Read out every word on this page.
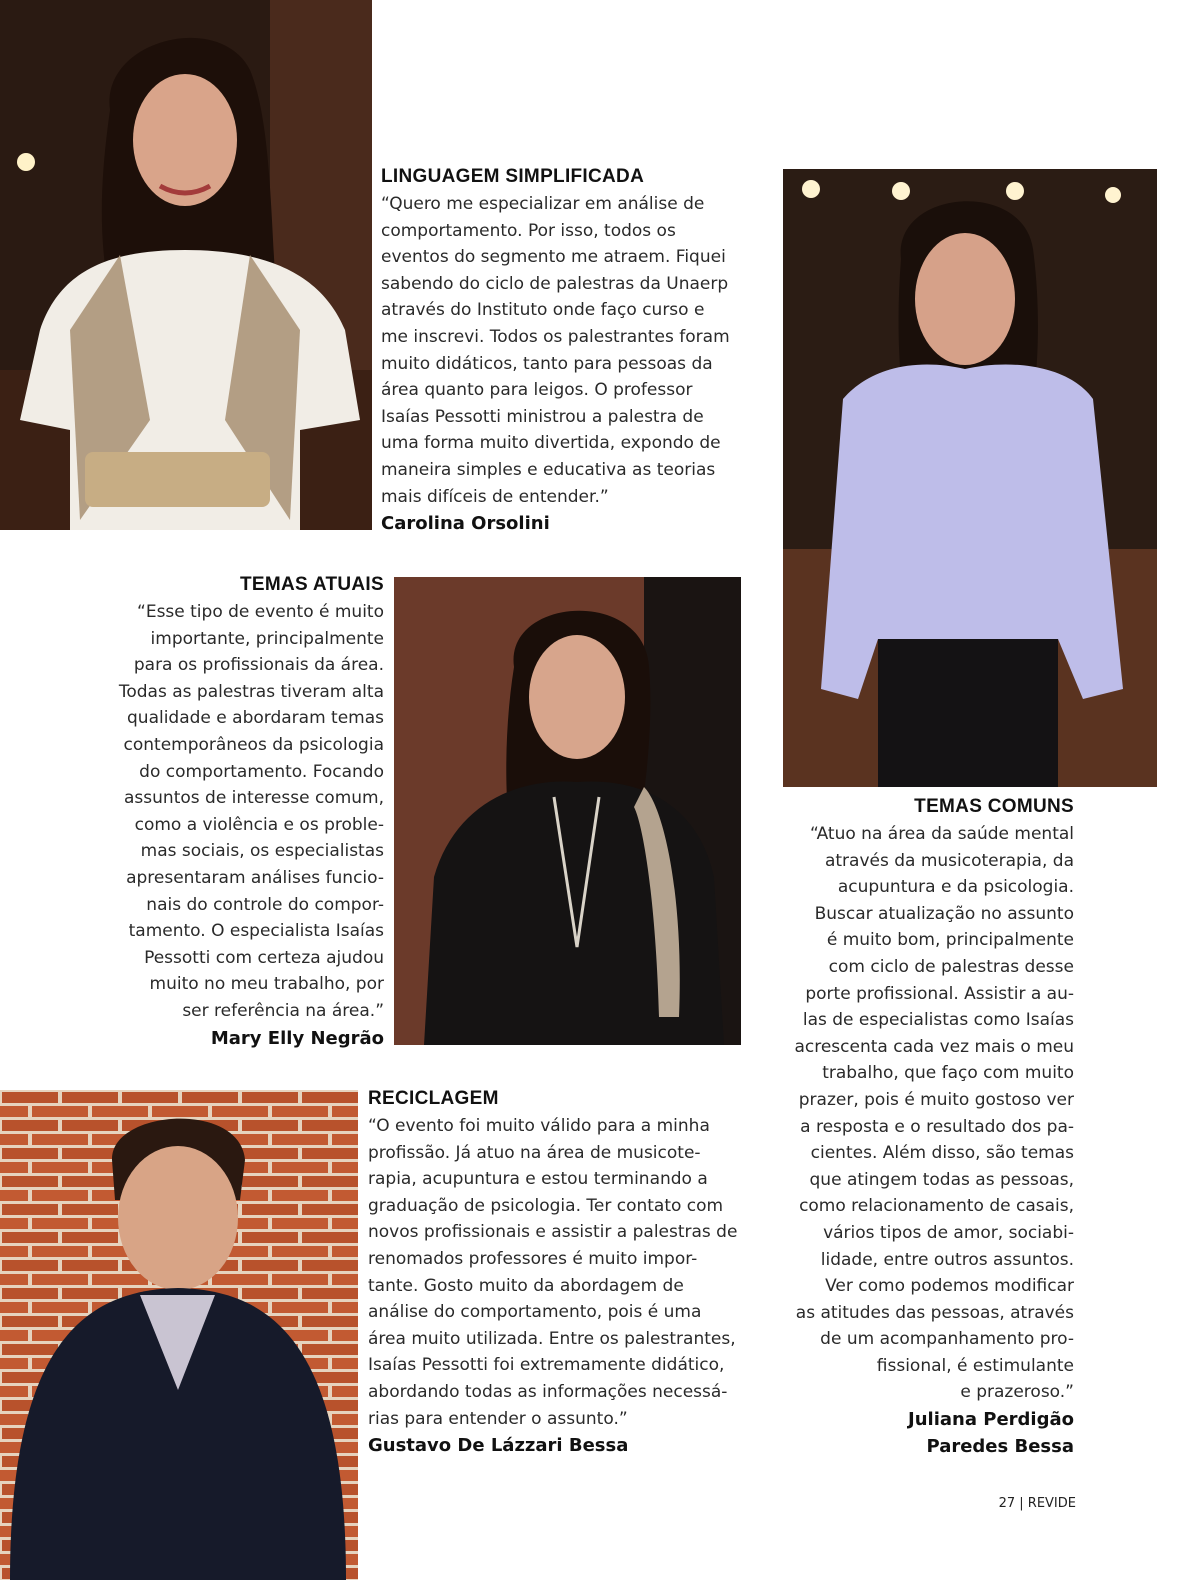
LINGUAGEM SIMPLIFICADA

“Quero me especializar em análise de
comportamento. Por isso, todos os
eventos do segmento me atraem. Fiquei
sabendo do ciclo de palestras da Unaerp
através do Instituto onde faço curso e
me inscrevi. Todos os palestrantes foram
muito didáticos, tanto para pessoas da
área quanto para leigos. O professor
Isaías Pessotti ministrou a palestra de
uma forma muito divertida, expondo de
maneira simples e educativa as teorias
mais difíceis de entender.”

Carolina Orsolini
TEMAS ATUAIS

“Esse tipo de evento é muito
importante, principalmente
para os profissionais da área.
Todas as palestras tiveram alta
qualidade e abordaram temas
contemporâneos da psicologia
do comportamento. Focando
assuntos de interesse comum,
como a violência e os proble-
mas sociais, os especialistas
apresentaram análises funcio-
nais do controle do compor-
tamento. O especialista Isaías
Pessotti com certeza ajudou
muito no meu trabalho, por
ser referência na área.”

Mary Elly Negrão
RECICLAGEM

“O evento foi muito válido para a minha
profissão. Já atuo na área de musicote-
rapia, acupuntura e estou terminando a
graduação de psicologia. Ter contato com
novos profissionais e assistir a palestras de
renomados professores é muito impor-
tante. Gosto muito da abordagem de
análise do comportamento, pois é uma
área muito utilizada. Entre os palestrantes,
Isaías Pessotti foi extremamente didático,
abordando todas as informações necessá-
rias para entender o assunto.”

Gustavo De Lázzari Bessa
TEMAS COMUNS

“Atuo na área da saúde mental
através da musicoterapia, da
acupuntura e da psicologia.
Buscar atualização no assunto
é muito bom, principalmente
com ciclo de palestras desse
porte profissional. Assistir a au-
las de especialistas como Isaías
acrescenta cada vez mais o meu
trabalho, que faço com muito
prazer, pois é muito gostoso ver
a resposta e o resultado dos pa-
cientes. Além disso, são temas
que atingem todas as pessoas,
como relacionamento de casais,
vários tipos de amor, sociabi-
lidade, entre outros assuntos.
Ver como podemos modificar
as atitudes das pessoas, através
de um acompanhamento pro-
fissional, é estimulante
e prazeroso.”

Juliana Perdigão
Paredes Bessa
27 | REVIDE
